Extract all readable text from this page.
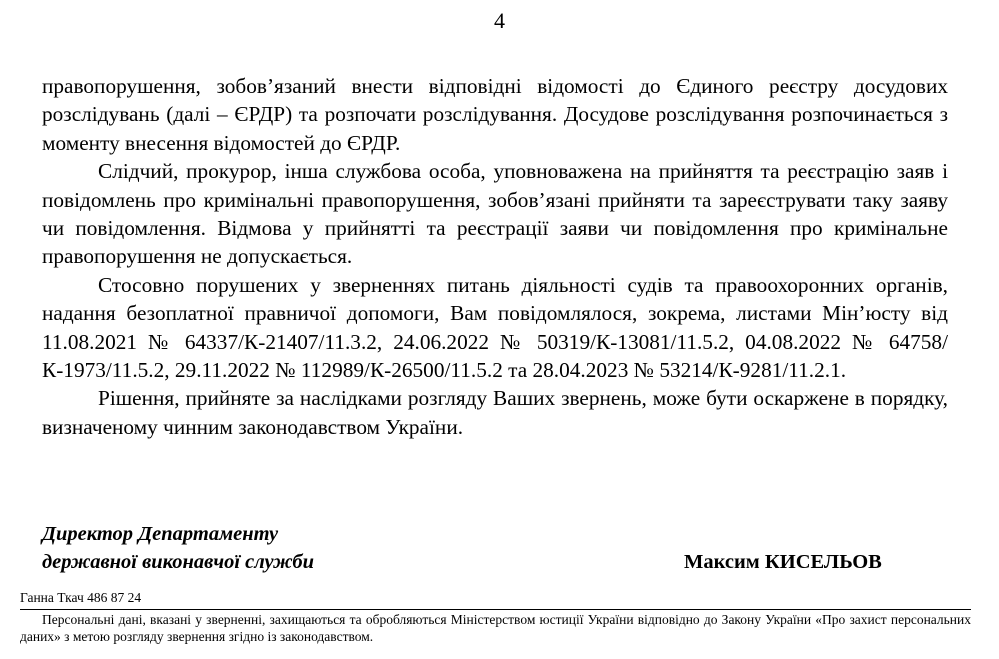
4

правопорушення, зобов’язаний внести відповідні відомості до Єдиного реєстру досудових розслідувань (далі – ЄРДР) та розпочати розслідування. Досудове розслідування розпочинається з моменту внесення відомостей до ЄРДР.

Слідчий, прокурор, інша службова особа, уповноважена на прийняття та реєстрацію заяв і повідомлень про кримінальні правопорушення, зобов’язані прийняти та зареєструвати таку заяву чи повідомлення. Відмова у прийнятті та реєстрації заяви чи повідомлення про кримінальне правопорушення не допускається.

Стосовно порушених у зверненнях питань діяльності судів та правоохоронних органів, надання безоплатної правничої допомоги, Вам повідомлялося, зокрема, листами Мін’юсту від 11.08.2021 № 64337/К-21407/11.3.2, 24.06.2022 № 50319/К-13081/11.5.2, 04.08.2022 № 64758/К-1973/11.5.2, 29.11.2022 № 112989/К-26500/11.5.2 та 28.04.2023 № 53214/К-9281/11.2.1.

Рішення, прийняте за наслідками розгляду Ваших звернень, може бути оскаржене в порядку, визначеному чинним законодавством України.

Директор Департаменту
державної виконавчої служби	Максим КИСЕЛЬОВ
Ганна Ткач 486 87 24

Персональні дані, вказані у зверненні, захищаються та обробляються Міністерством юстиції України відповідно до Закону України «Про захист персональних даних» з метою розгляду звернення згідно із законодавством.
